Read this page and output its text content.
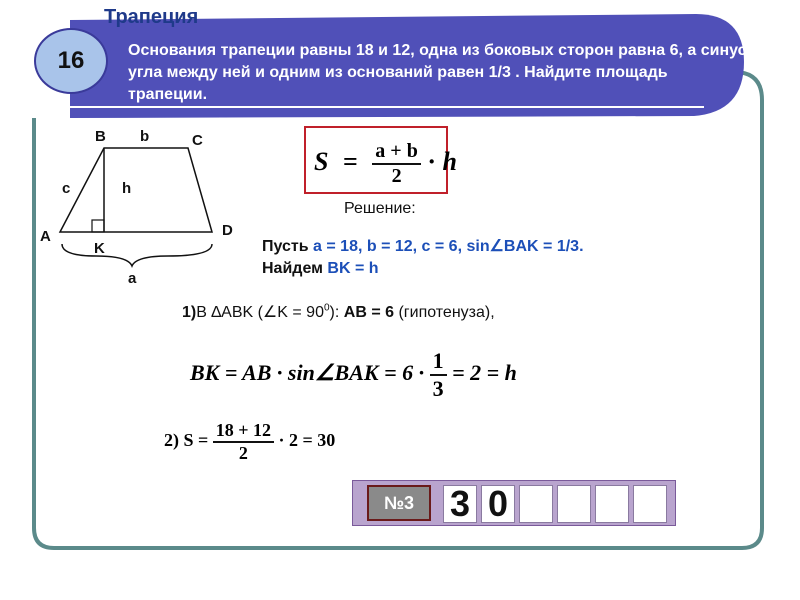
Трапеция
16	Основания трапеции равны 18 и 12, одна из боковых сторон равна 6, а синус угла между ней и одним из оснований равен 1/3 . Найдите площадь трапеции.
A
B	C
D
K
b
c	h
a
$S = \frac{a + b}{2} \cdot h$
Решение:
Пусть a = 18, b = 12, c = 6, sin∠BAK = 1/3.
Найдем BK = h
1)В ∆ABK (∠K = $90^0$): AB = 6 (гипотенуза),
BK = AB · sin∠BAK = $6 \cdot \frac{1}{3} = 2 = h$
2) $S = \frac{18 + 12}{2} \cdot 2 = 30$
№3 3 0
